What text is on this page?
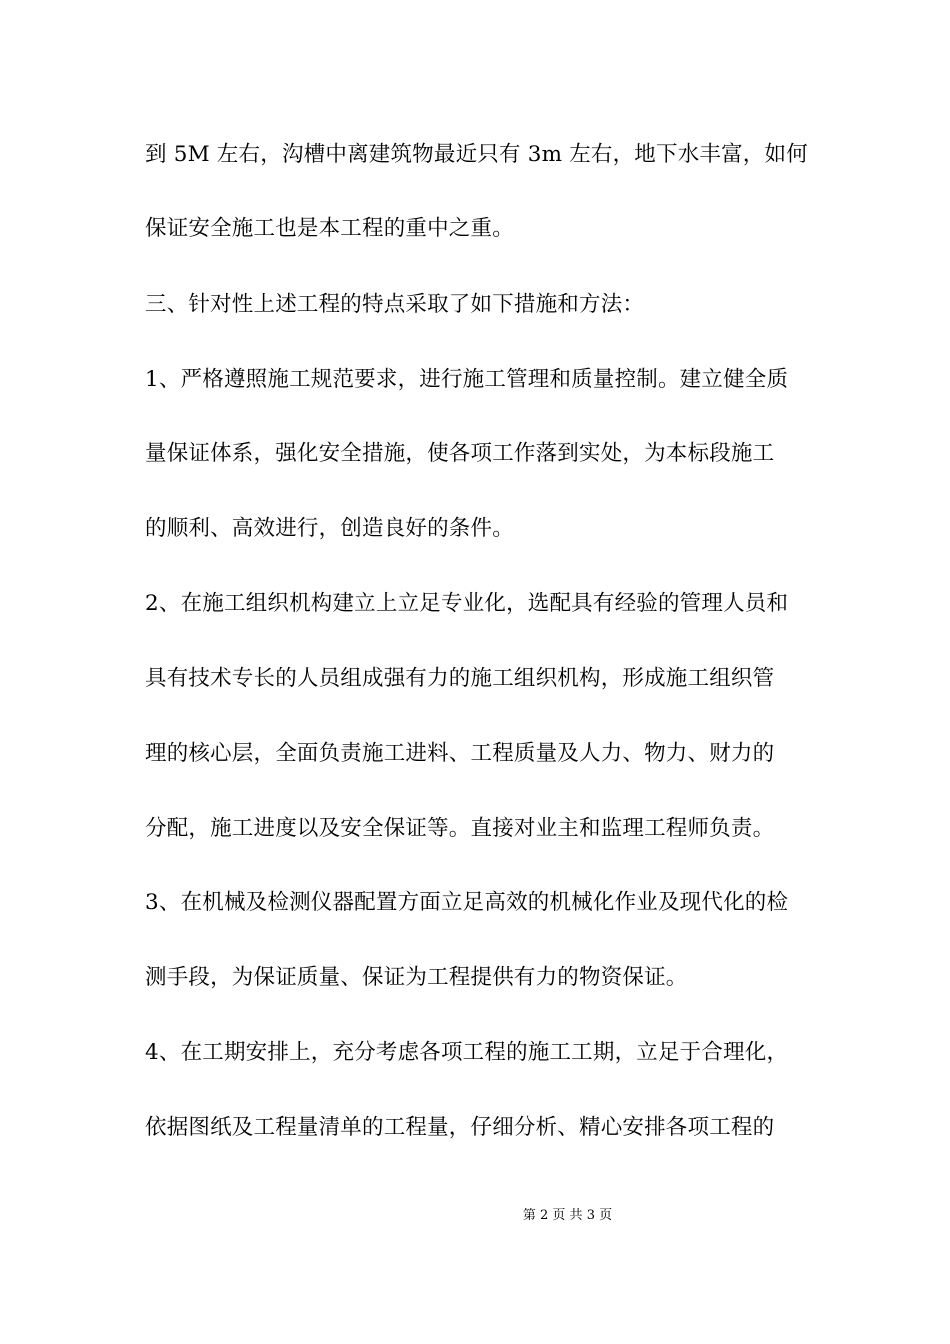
到 5M 左右，沟槽中离建筑物最近只有 3m 左右，地下水丰富，如何
保证安全施工也是本工程的重中之重。
三、针对性上述工程的特点采取了如下措施和方法：
1、严格遵照施工规范要求，进行施工管理和质量控制。建立健全质
量保证体系，强化安全措施，使各项工作落到实处，为本标段施工
的顺利、高效进行，创造良好的条件。
2、在施工组织机构建立上立足专业化，选配具有经验的管理人员和
具有技术专长的人员组成强有力的施工组织机构，形成施工组织管
理的核心层，全面负责施工进料、工程质量及人力、物力、财力的
分配，施工进度以及安全保证等。直接对业主和监理工程师负责。
3、在机械及检测仪器配置方面立足高效的机械化作业及现代化的检
测手段，为保证质量、保证为工程提供有力的物资保证。
4、在工期安排上，充分考虑各项工程的施工工期，立足于合理化，
依据图纸及工程量清单的工程量，仔细分析、精心安排各项工程的
第 2 页 共 3 页
